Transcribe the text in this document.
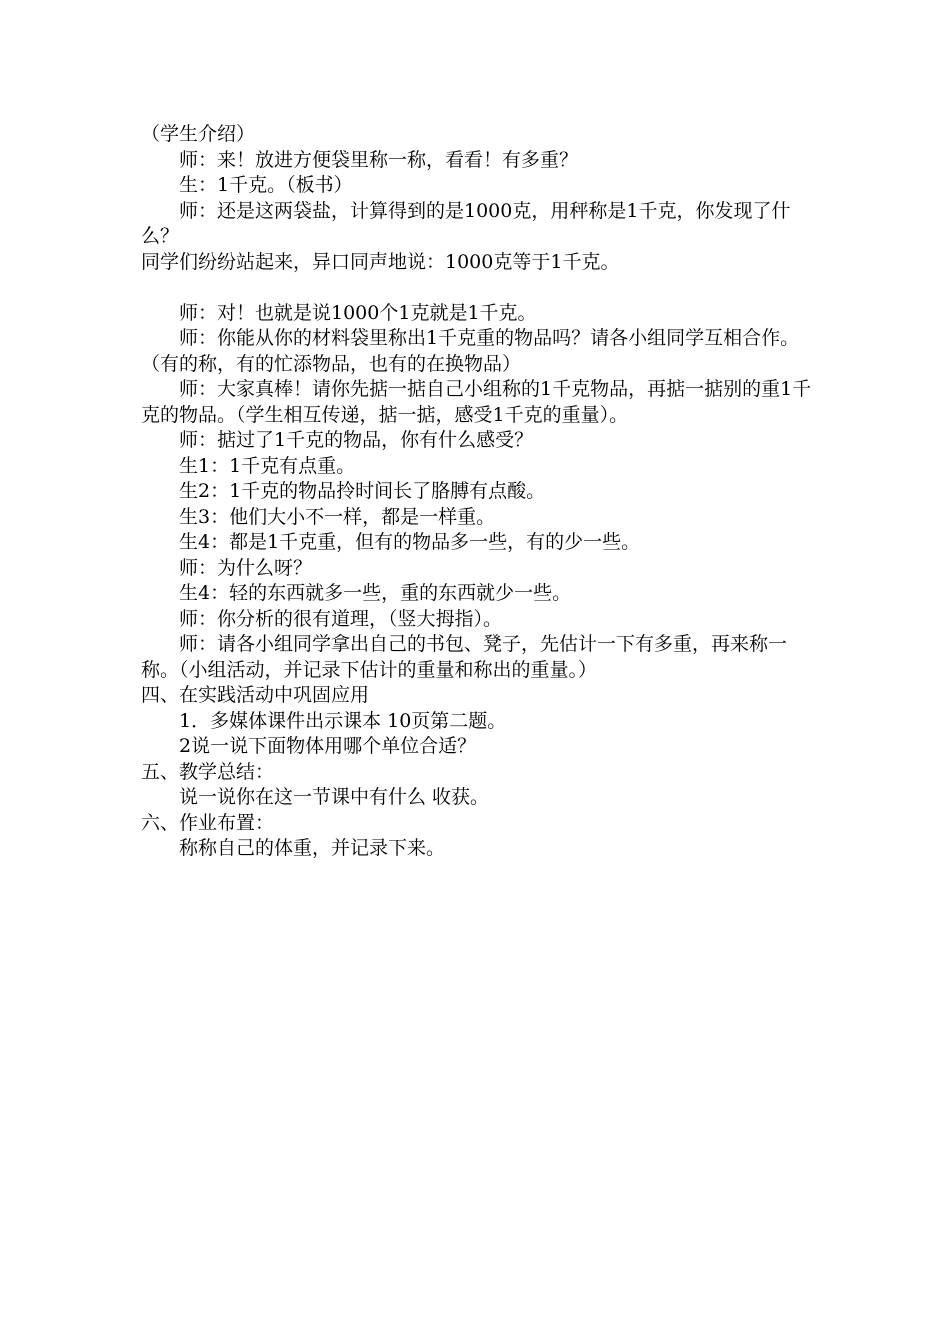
（学生介绍）

师：来！放进方便袋里称一称，看看！有多重？

生：1千克。（板书）

师：还是这两袋盐，计算得到的是1000克，用秤称是1千克，你发现了什么？

同学们纷纷站起来，异口同声地说：1000克等于1千克。

师：对！也就是说1000个1克就是1千克。

师：你能从你的材料袋里称出1千克重的物品吗？请各小组同学互相合作。（有的称，有的忙添物品，也有的在换物品）

师：大家真棒！请你先掂一掂自己小组称的1千克物品，再掂一掂别的重1千克的物品。（学生相互传递，掂一掂，感受1千克的重量）。

师：掂过了1千克的物品，你有什么感受？

生1：1千克有点重。

生2：1千克的物品拎时间长了胳膊有点酸。

生3：他们大小不一样，都是一样重。

生4：都是1千克重，但有的物品多一些，有的少一些。

师：为什么呀？

生4：轻的东西就多一些，重的东西就少一些。

师：你分析的很有道理，（竖大拇指）。

师：请各小组同学拿出自己的书包、凳子，先估计一下有多重，再来称一称。（小组活动，并记录下估计的重量和称出的重量。）

四、在实践活动中巩固应用

1．多媒体课件出示课本 10页第二题。

2说一说下面物体用哪个单位合适？

五、教学总结：

说一说你在这一节课中有什么 收获。

六、作业布置：

称称自己的体重，并记录下来。
